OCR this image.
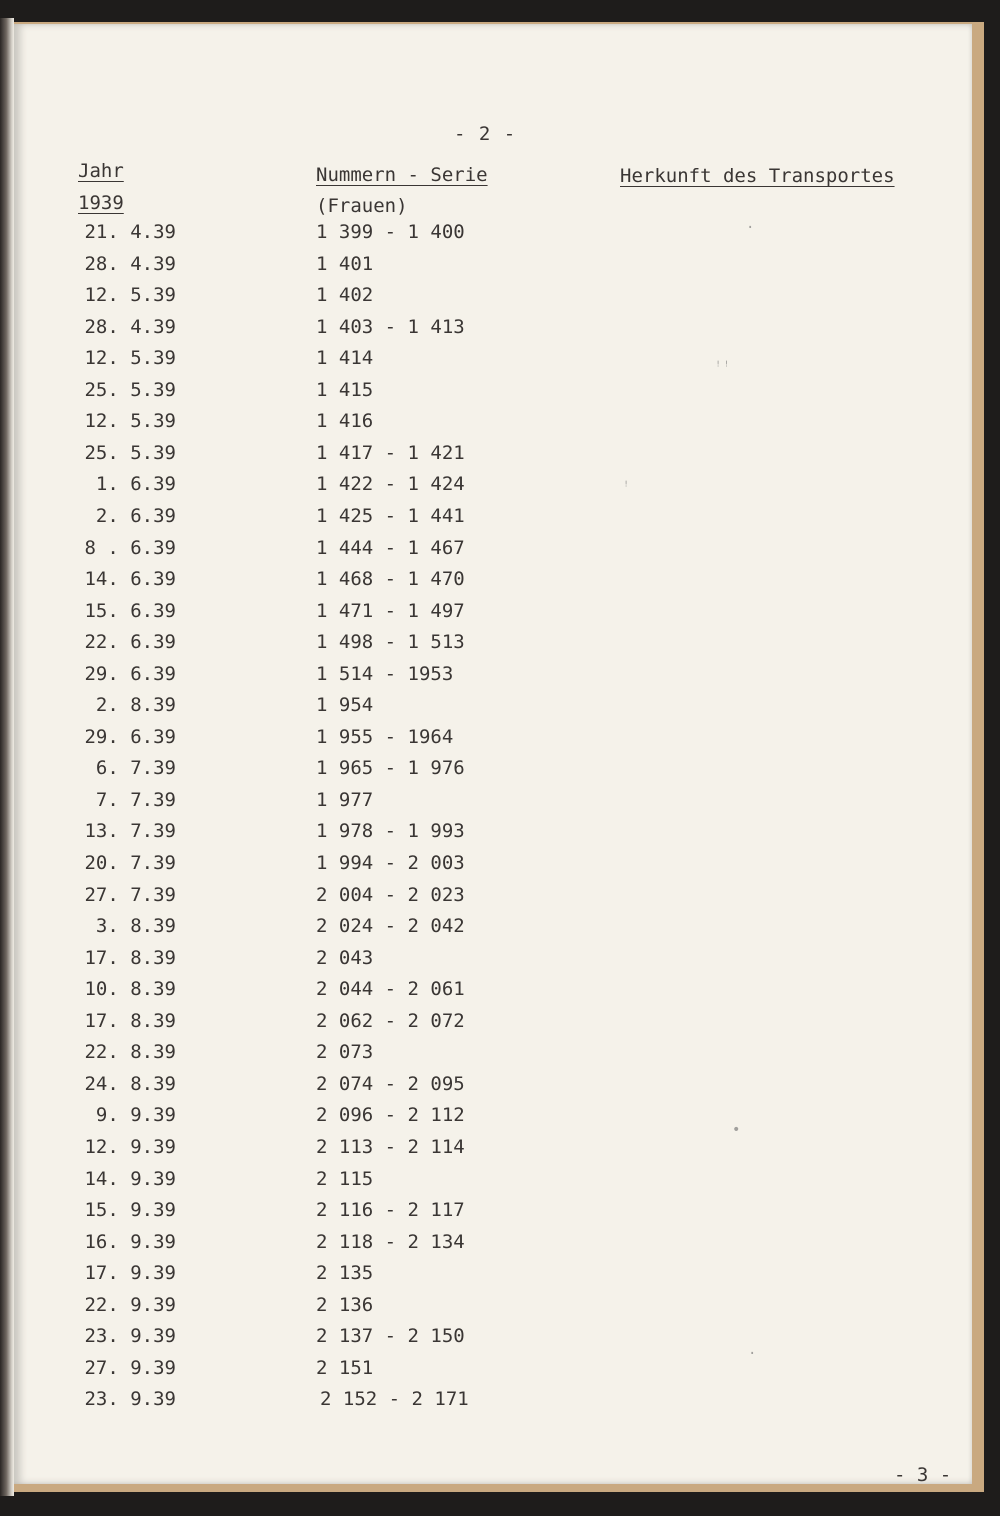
- 2 -
Jahr
1939
Nummern - Serie
(Frauen)
Herkunft des Transportes
21. 4.39	1 399 - 1 400
28. 4.39	1 401
12. 5.39	1 402
28. 4.39	1 403 - 1 413
12. 5.39	1 414
25. 5.39	1 415
12. 5.39	1 416
25. 5.39	1 417 - 1 421
1. 6.39	1 422 - 1 424
2. 6.39	1 425 - 1 441
8 . 6.39	1 444 - 1 467
14. 6.39	1 468 - 1 470
15. 6.39	1 471 - 1 497
22. 6.39	1 498 - 1 513
29. 6.39	1 514 - 1953
2. 8.39	1 954
29. 6.39	1 955 - 1964
6. 7.39	1 965 - 1 976
7. 7.39	1 977
13. 7.39	1 978 - 1 993
20. 7.39	1 994 - 2 003
27. 7.39	2 004 - 2 023
3. 8.39	2 024 - 2 042
17. 8.39	2 043
10. 8.39	2 044 - 2 061
17. 8.39	2 062 - 2 072
22. 8.39	2 073
24. 8.39	2 074 - 2 095
9. 9.39	2 096 - 2 112
12. 9.39	2 113 - 2 114
14. 9.39	2 115
15. 9.39	2 116 - 2 117
16. 9.39	2 118 - 2 134
17. 9.39	2 135
22. 9.39	2 136
23. 9.39	2 137 - 2 150
27. 9.39	2 151
23. 9.39	2 152 - 2 171
- 3 -
·
ꜝꜝ
ꜝ
•
·
